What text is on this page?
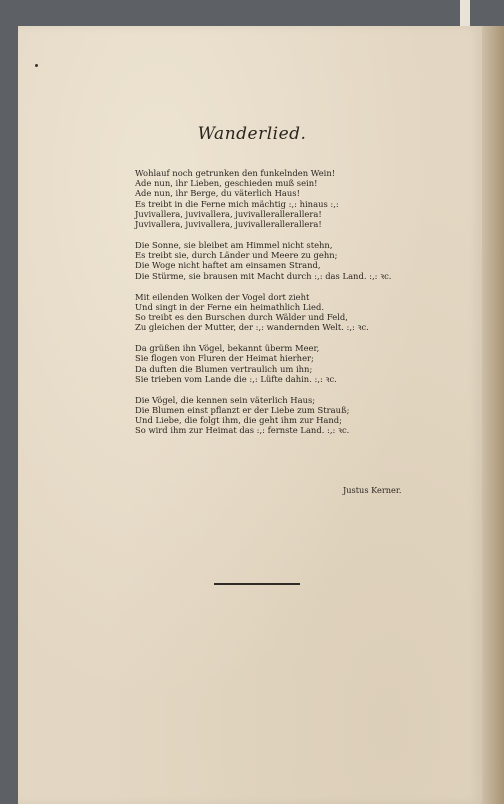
Wanderlied.
Wohlauf noch getrunken den funkelnden Wein!
Ade nun, ihr Lieben, geschieden muß sein!
Ade nun, ihr Berge, du väterlich Haus!
Es treibt in die Ferne mich mächtig :,: hinaus :,:
Juvivallera, juvivallera, juvivallerallerallera!
Juvivallera, juvivallera, juvivallerallerallera!
Die Sonne, sie bleibet am Himmel nicht stehn,
Es treibt sie, durch Länder und Meere zu gehn;
Die Woge nicht haftet am einsamen Strand,
Die Stürme, sie brausen mit Macht durch :,: das Land. :,: ꝛc.
Mit eilenden Wolken der Vogel dort zieht
Und singt in der Ferne ein heimathlich Lied.
So treibt es den Burschen durch Wälder und Feld,
Zu gleichen der Mutter, der :,: wandernden Welt. :,: ꝛc.
Da grüßen ihn Vögel, bekannt überm Meer,
Sie flogen von Fluren der Heimat hierher;
Da duften die Blumen vertraulich um ihn;
Sie trieben vom Lande die :,: Lüfte dahin. :,: ꝛc.
Die Vögel, die kennen sein väterlich Haus;
Die Blumen einst pflanzt er der Liebe zum Strauß;
Und Liebe, die folgt ihm, die geht ihm zur Hand;
So wird ihm zur Heimat das :,: fernste Land. :,: ꝛc.
Justus Kerner.
